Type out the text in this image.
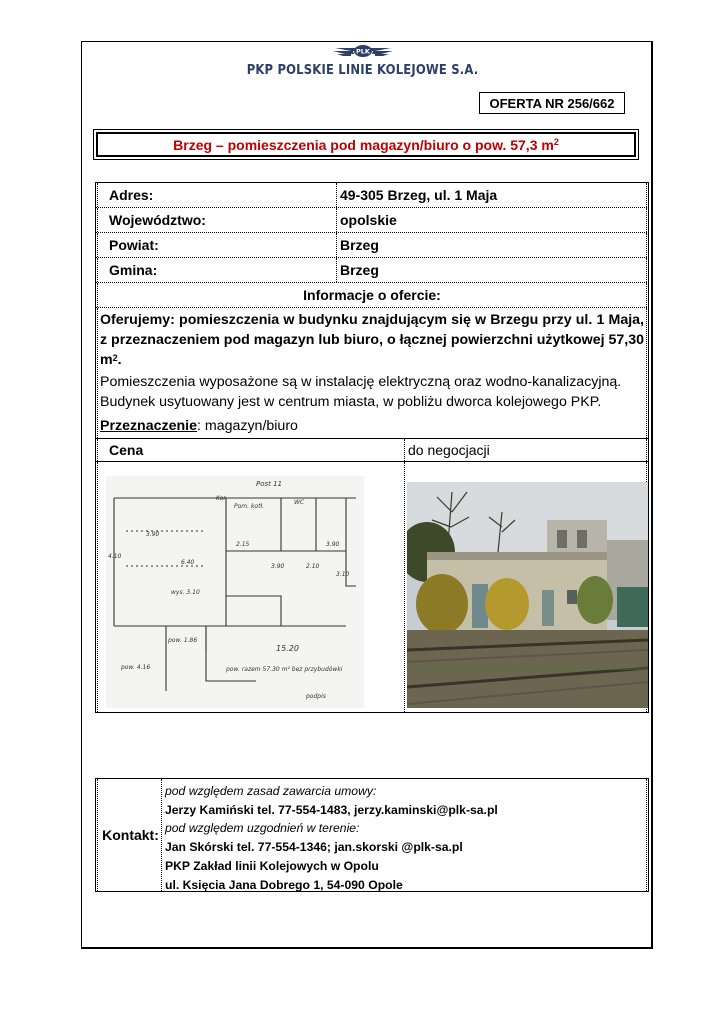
PLK
PKP POLSKIE LINIE KOLEJOWE S.A.
OFERTA NR 256/662
Brzeg – pomieszczenia pod magazyn/biuro o pow. 57,3 $m^2$
Adres:	49-305 Brzeg, ul. 1 Maja
Województwo:	opolskie
Powiat:	Brzeg
Gmina:	Brzeg
Informacje o ofercie:

Oferujemy: pomieszczenia w budynku znajdującym się w Brzegu przy ul. 1 Maja, z przeznaczeniem pod magazyn lub biuro, o łącznej powierzchni użytkowej 57,30 $m^2$.

Pomieszczenia wyposażone są w instalację elektryczną oraz wodno-kanalizacyjną.

Budynek usytuowany jest w centrum miasta, w pobliżu dworca kolejowego PKP.

Przeznaczenie: magazyn/biuro

Cena	do negocjacji
Post 11
3.90
6.40
4.10
2.15
3.90
3.90
2.10
3.10
WC
Pom. kotł.
Kor.
wys. 3.10
pow. 1.86
pow. 4.16
15.20
pow. razem 57.30 m² bez przybudówki
podpis
Kontakt:
pod względem zasad zawarcia umowy:
Jerzy Kamiński tel. 77-554-1483, jerzy.kaminski@plk-sa.pl
pod względem uzgodnień w terenie:
Jan Skórski tel. 77-554-1346; jan.skorski @plk-sa.pl
PKP Zakład linii Kolejowych w Opolu
ul. Księcia Jana Dobrego 1, 54-090 Opole
